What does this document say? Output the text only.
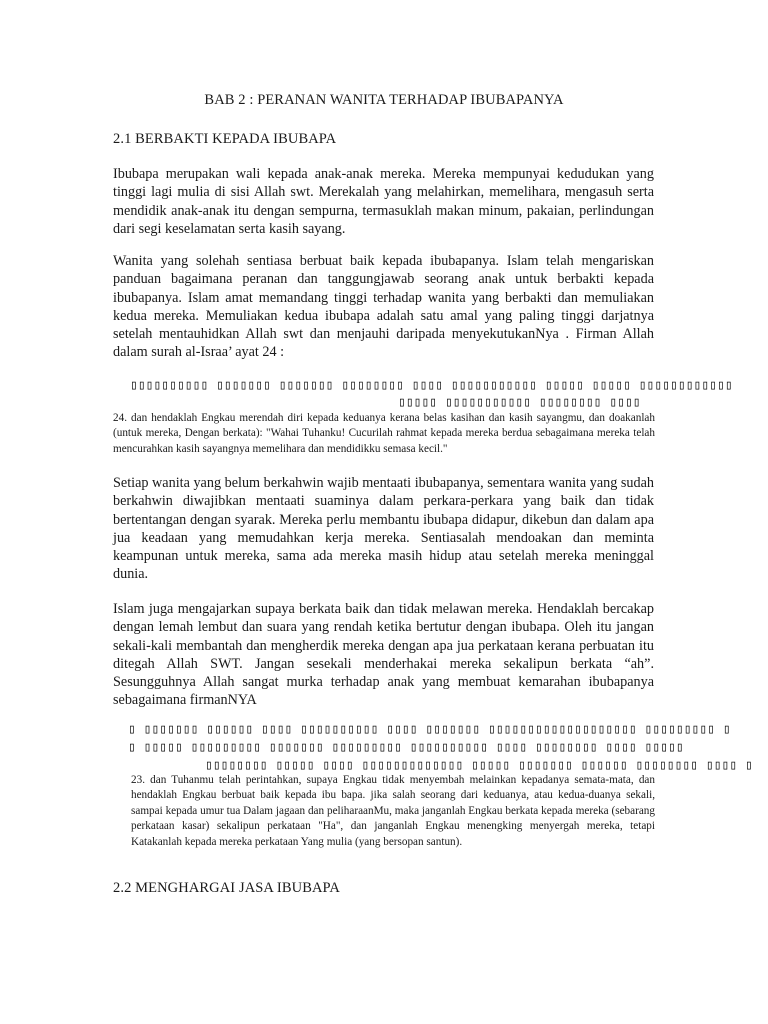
BAB 2 : PERANAN WANITA TERHADAP IBUBAPANYA
2.1 BERBAKTI KEPADA IBUBAPA

Ibubapa merupakan wali kepada anak-anak mereka. Mereka mempunyai kedudukan yang tinggi lagi mulia di sisi Allah swt. Merekalah yang melahirkan, memelihara, mengasuh serta mendidik anak-anak itu dengan sempurna, termasuklah makan minum, pakaian, perlindungan dari segi keselamatan serta kasih sayang.

Wanita yang solehah sentiasa berbuat baik kepada ibubapanya. Islam telah mengariskan panduan bagaimana peranan dan tanggungjawab seorang anak untuk berbakti kepada ibubapanya. Islam amat memandang tinggi terhadap wanita yang berbakti dan memuliakan kedua mereka. Memuliakan kedua ibubapa adalah satu amal yang paling tinggi darjatnya setelah mentauhidkan Allah swt dan menjauhi daripada menyekutukanNya . Firman Allah dalam surah al-Israa’ ayat 24 :

▯▯▯▯▯▯▯▯▯▯ ▯▯▯▯▯▯▯ ▯▯▯▯▯▯▯ ▯▯▯▯▯▯▯▯ ▯▯▯▯ ▯▯▯▯▯▯▯▯▯▯▯ ▯▯▯▯▯ ▯▯▯▯▯ ▯▯▯▯▯▯▯▯▯▯▯▯
▯▯▯▯▯ ▯▯▯▯▯▯▯▯▯▯▯ ▯▯▯▯▯▯▯▯ ▯▯▯▯

24. dan hendaklah Engkau merendah diri kepada keduanya kerana belas kasihan dan kasih sayangmu, dan doakanlah (untuk mereka, Dengan berkata): "Wahai Tuhanku! Cucurilah rahmat kepada mereka berdua sebagaimana mereka telah mencurahkan kasih sayangnya memelihara dan mendidikku semasa kecil."

Setiap wanita yang belum berkahwin wajib mentaati ibubapanya, sementara wanita yang sudah berkahwin diwajibkan mentaati suaminya dalam perkara-perkara yang baik dan tidak bertentangan dengan syarak. Mereka perlu membantu ibubapa didapur, dikebun dan dalam apa jua keadaan yang memudahkan kerja mereka. Sentiasalah mendoakan dan meminta keampunan untuk mereka, sama ada mereka masih hidup atau setelah mereka meninggal dunia.

Islam juga mengajarkan supaya berkata baik dan tidak melawan mereka. Hendaklah bercakap dengan lemah lembut dan suara yang rendah ketika bertutur dengan ibubapa. Oleh itu jangan sekali-kali membantah dan mengherdik mereka dengan apa jua perkataan kerana perbuatan itu ditegah Allah SWT. Jangan sesekali menderhakai mereka sekalipun berkata “ah”. Sesungguhnya Allah sangat murka terhadap anak yang membuat kemarahan ibubapanya sebagaimana firmanNYA

▯ ▯▯▯▯▯▯▯ ▯▯▯▯▯▯ ▯▯▯▯ ▯▯▯▯▯▯▯▯▯▯ ▯▯▯▯ ▯▯▯▯▯▯▯ ▯▯▯▯▯▯▯▯▯▯▯▯▯▯▯▯▯▯▯ ▯▯▯▯▯▯▯▯▯ ▯
▯ ▯▯▯▯▯ ▯▯▯▯▯▯▯▯▯ ▯▯▯▯▯▯▯ ▯▯▯▯▯▯▯▯▯ ▯▯▯▯▯▯▯▯▯▯ ▯▯▯▯ ▯▯▯▯▯▯▯▯ ▯▯▯▯ ▯▯▯▯▯
▯▯▯▯▯▯▯▯ ▯▯▯▯▯ ▯▯▯▯ ▯▯▯▯▯▯▯▯▯▯▯▯▯ ▯▯▯▯▯ ▯▯▯▯▯▯▯ ▯▯▯▯▯▯ ▯▯▯▯▯▯▯▯ ▯▯▯▯ ▯

23. dan Tuhanmu telah perintahkan, supaya Engkau tidak menyembah melainkan kepadanya semata-mata, dan hendaklah Engkau berbuat baik kepada ibu bapa. jika salah seorang dari keduanya, atau kedua-duanya sekali, sampai kepada umur tua Dalam jagaan dan peliharaanMu, maka janganlah Engkau berkata kepada mereka (sebarang perkataan kasar) sekalipun perkataan "Ha", dan janganlah Engkau menengking menyergah mereka, tetapi Katakanlah kepada mereka perkataan Yang mulia (yang bersopan santun).

2.2 MENGHARGAI JASA IBUBAPA
